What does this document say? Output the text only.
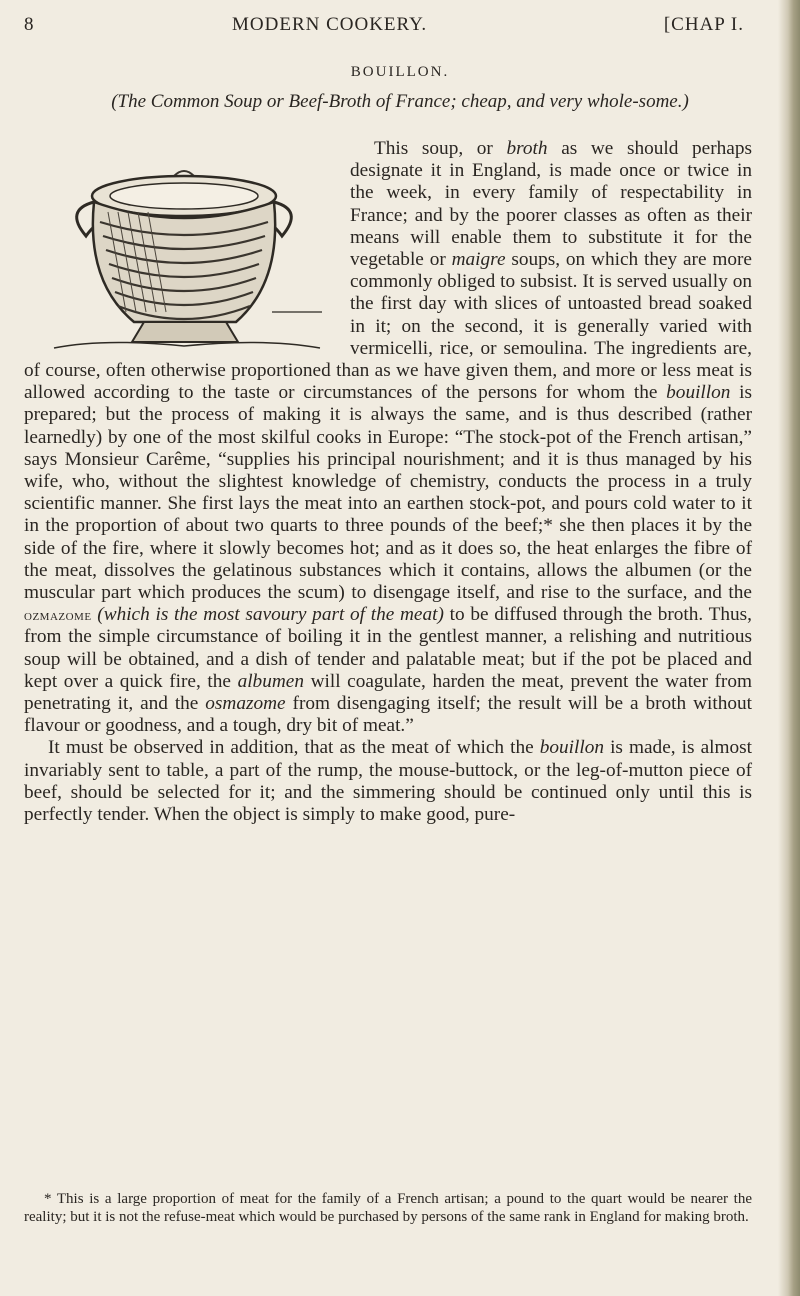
8	MODERN COOKERY.	[CHAP I.
BOUILLON.
(The Common Soup or Beef-Broth of France; cheap, and very whole-some.)

This soup, or broth
as we should perhaps designate it in England, is made once or twice in the week, in every family of respectability in France; and by the poorer classes as often as their means will enable them to substitute it for the vegetable or maigre soups, on which they are more commonly obliged to subsist. It is served usually on the first day with slices of untoasted bread soaked in it; on the second, it is generally varied with vermicelli, rice, or semoulina. The ingredients are, of course, often otherwise proportioned than as we have given them, and more or less meat is allowed according to the taste or circumstances of the persons for whom the bouillon is prepared; but the process of making it is always the same, and is thus described (rather learnedly) by one of the most skilful cooks in Europe: “The stock-pot of the French artisan,” says Monsieur Carême, “supplies his principal nourishment; and it is thus managed by his wife, who, without the slightest knowledge of chemistry, conducts the process in a truly scientific manner. She first lays the meat into an earthen stock-pot, and pours cold water to it in the proportion of about two quarts to three pounds of the beef;* she then places it by the side of the fire, where it slowly becomes hot; and as it does so, the heat enlarges the fibre of the meat, dissolves the gelatinous substances which it contains, allows the albumen (or the muscular part which produces the scum) to disengage itself, and rise to the surface, and the ozmazome (which is the most savoury part of the meat) to be diffused through the broth. Thus, from the simple circumstance of boiling it in the gentlest manner, a relishing and nutritious soup will be obtained, and a dish of tender and palatable meat; but if the pot be placed and kept over a quick fire, the albumen will coagulate, harden the meat, prevent the water from penetrating it, and the osmazome from disengaging itself; the result will be a broth without flavour or goodness, and a tough, dry bit of meat.”

It must be observed in addition, that as the meat of which the bouillon is made, is almost invariably sent to table, a part of the rump, the mouse-buttock, or the leg-of-mutton piece of beef, should be selected for it; and the simmering should be continued only until this is perfectly tender. When the object is simply to make good, pure-

* This is a large proportion of meat for the family of a French artisan; a pound to the quart would be nearer the reality; but it is not the refuse-meat which would be purchased by persons of the same rank in England for making broth.
